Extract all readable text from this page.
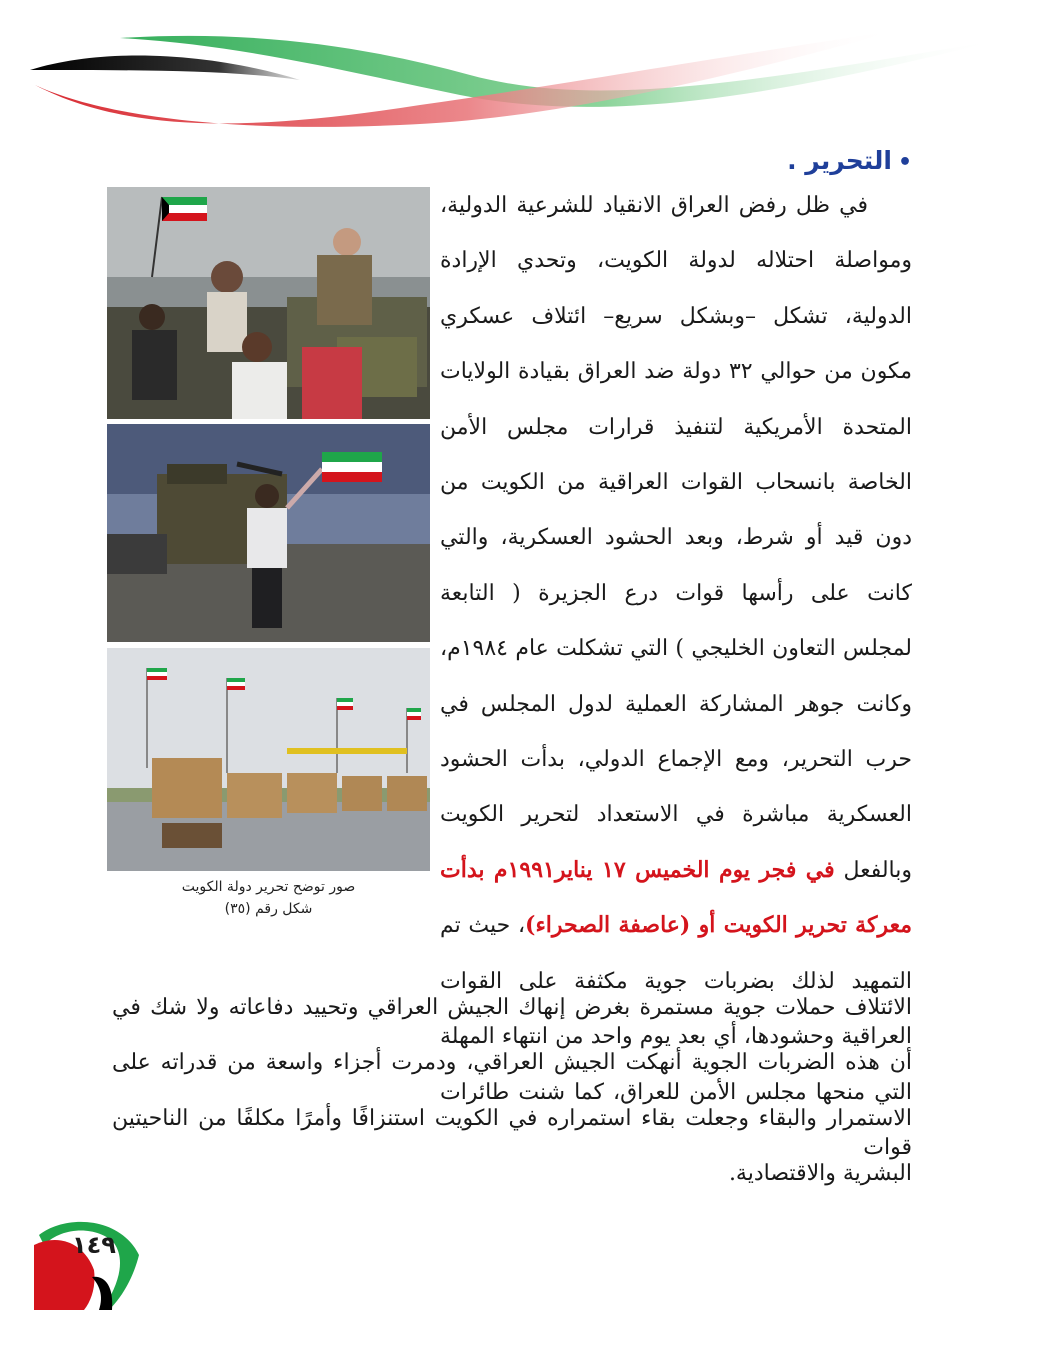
•التحرير .

  في ظل رفض العراق الانقياد للشرعية الدولية، ومواصلة احتلاله لدولة الكويت، وتحدي الإرادة الدولية، تشكل –وبشكل سريع– ائتلاف عسكري مكون من حوالي ٣٢ دولة ضد العراق بقيادة الولايات المتحدة الأمريكية لتنفيذ قرارات مجلس الأمن الخاصة بانسحاب القوات العراقية من الكويت من دون قيد أو شرط، وبعد الحشود العسكرية، والتي كانت على رأسها قوات درع الجزيرة ( التابعة لمجلس التعاون الخليجي ) التي تشكلت عام ١٩٨٤م، وكانت جوهر المشاركة العملية لدول المجلس في حرب التحرير، ومع الإجماع الدولي، بدأت الحشود العسكرية مباشرة في الاستعداد لتحرير الكويت وبالفعل في فجر يوم الخميس ١٧ يناير١٩٩١م بدأت معركة تحرير الكويت أو (عاصفة الصحراء)، حيث تم التمهيد لذلك بضربات جوية مكثفة على القوات العراقية وحشودها، أي بعد يوم واحد من انتهاء المهلة التي منحها مجلس الأمن للعراق، كما شنت طائرات قوات

الائتلاف حملات جوية مستمرة بغرض إنهاك الجيش العراقي وتحييد دفاعاته ولا شك في أن هذه الضربات الجوية أنهكت الجيش العراقي، ودمرت أجزاء واسعة من قدراته على الاستمرار والبقاء وجعلت بقاء استمراره في الكويت استنزافًا وأمرًا مكلفًا من الناحيتين البشرية والاقتصادية.

صور توضح تحرير دولة الكويت
شكل رقم (٣٥)
١٤٩
